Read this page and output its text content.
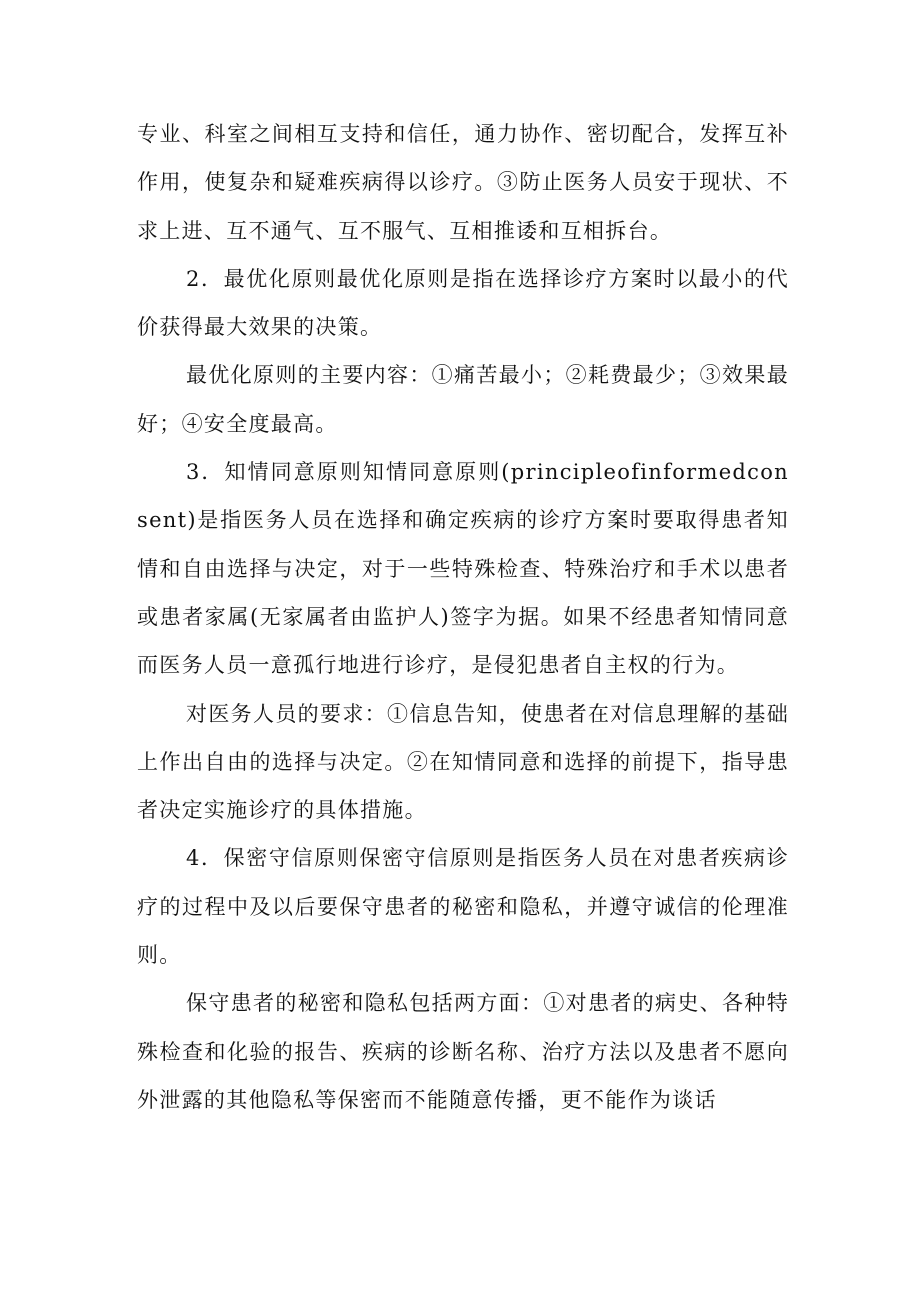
专业、科室之间相互支持和信任，通力协作、密切配合，发挥互补作用，使复杂和疑难疾病得以诊疗。③防止医务人员安于现状、不求上进、互不通气、互不服气、互相推诿和互相拆台。

2．最优化原则最优化原则是指在选择诊疗方案时以最小的代价获得最大效果的决策。

最优化原则的主要内容：①痛苦最小；②耗费最少；③效果最好；④安全度最高。

3．知情同意原则知情同意原则(principleofinformedconsent)是指医务人员在选择和确定疾病的诊疗方案时要取得患者知情和自由选择与决定，对于一些特殊检查、特殊治疗和手术以患者或患者家属(无家属者由监护人)签字为据。如果不经患者知情同意而医务人员一意孤行地进行诊疗，是侵犯患者自主权的行为。

对医务人员的要求：①信息告知，使患者在对信息理解的基础上作出自由的选择与决定。②在知情同意和选择的前提下，指导患者决定实施诊疗的具体措施。

4．保密守信原则保密守信原则是指医务人员在对患者疾病诊疗的过程中及以后要保守患者的秘密和隐私，并遵守诚信的伦理准则。

保守患者的秘密和隐私包括两方面：①对患者的病史、各种特殊检查和化验的报告、疾病的诊断名称、治疗方法以及患者不愿向外泄露的其他隐私等保密而不能随意传播，更不能作为谈话
